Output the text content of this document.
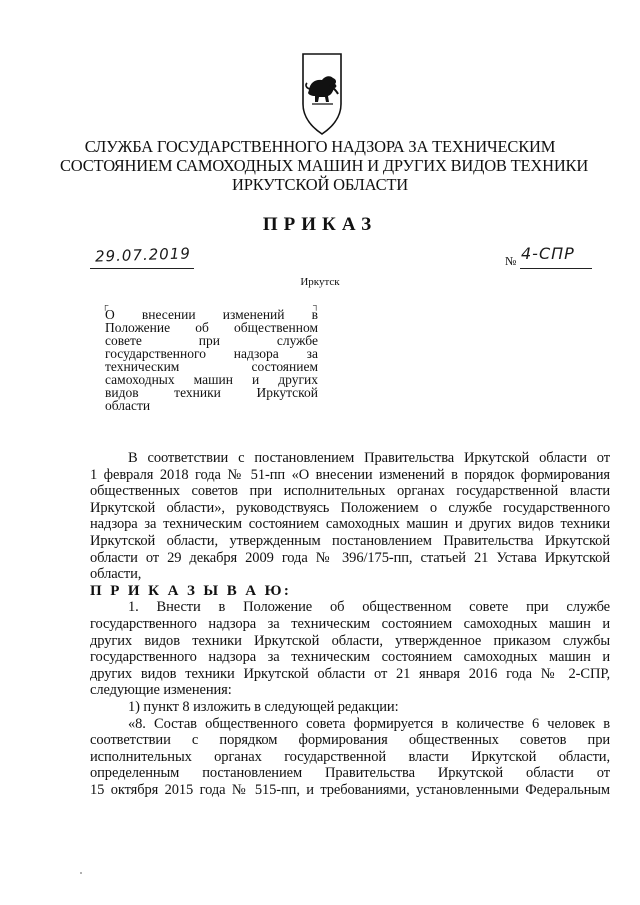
СЛУЖБА ГОСУДАРСТВЕННОГО НАДЗОРА ЗА ТЕХНИЧЕСКИМ
СОСТОЯНИЕМ САМОХОДНЫХ МАШИН И ДРУГИХ ВИДОВ ТЕХНИКИ
ИРКУТСКОЙ ОБЛАСТИ
ПРИКАЗ
29.07.2019	№ 4-СПР
Иркутск
┌	┐
О внесении изменений в
Положение об общественном
совете при службе
государственного надзора за
техническим состоянием
самоходных машин и других
видов техники Иркутской
области
В соответствии с постановлением Правительства Иркутской области от
1 февраля 2018 года № 51-пп «О внесении изменений в порядок формирования
общественных советов при исполнительных органах государственной власти
Иркутской области», руководствуясь Положением о службе государственного
надзора за техническим состоянием самоходных машин и других видов техники
Иркутской области, утвержденным постановлением Правительства Иркутской
области от 29 декабря 2009 года № 396/175-пп, статьей 21 Устава Иркутской
области,
П Р И К А З Ы В А Ю:
1. Внести в Положение об общественном совете при службе
государственного надзора за техническим состоянием самоходных машин и
других видов техники Иркутской области, утвержденное приказом службы
государственного надзора за техническим состоянием самоходных машин и
других видов техники Иркутской области от 21 января 2016 года № 2-СПР,
следующие изменения:
1) пункт 8 изложить в следующей редакции:
«8. Состав общественного совета формируется в количестве 6 человек в
соответствии с порядком формирования общественных советов при
исполнительных органах государственной власти Иркутской области,
определенным постановлением Правительства Иркутской области от
15 октября 2015 года № 515-пп, и требованиями, установленными Федеральным
